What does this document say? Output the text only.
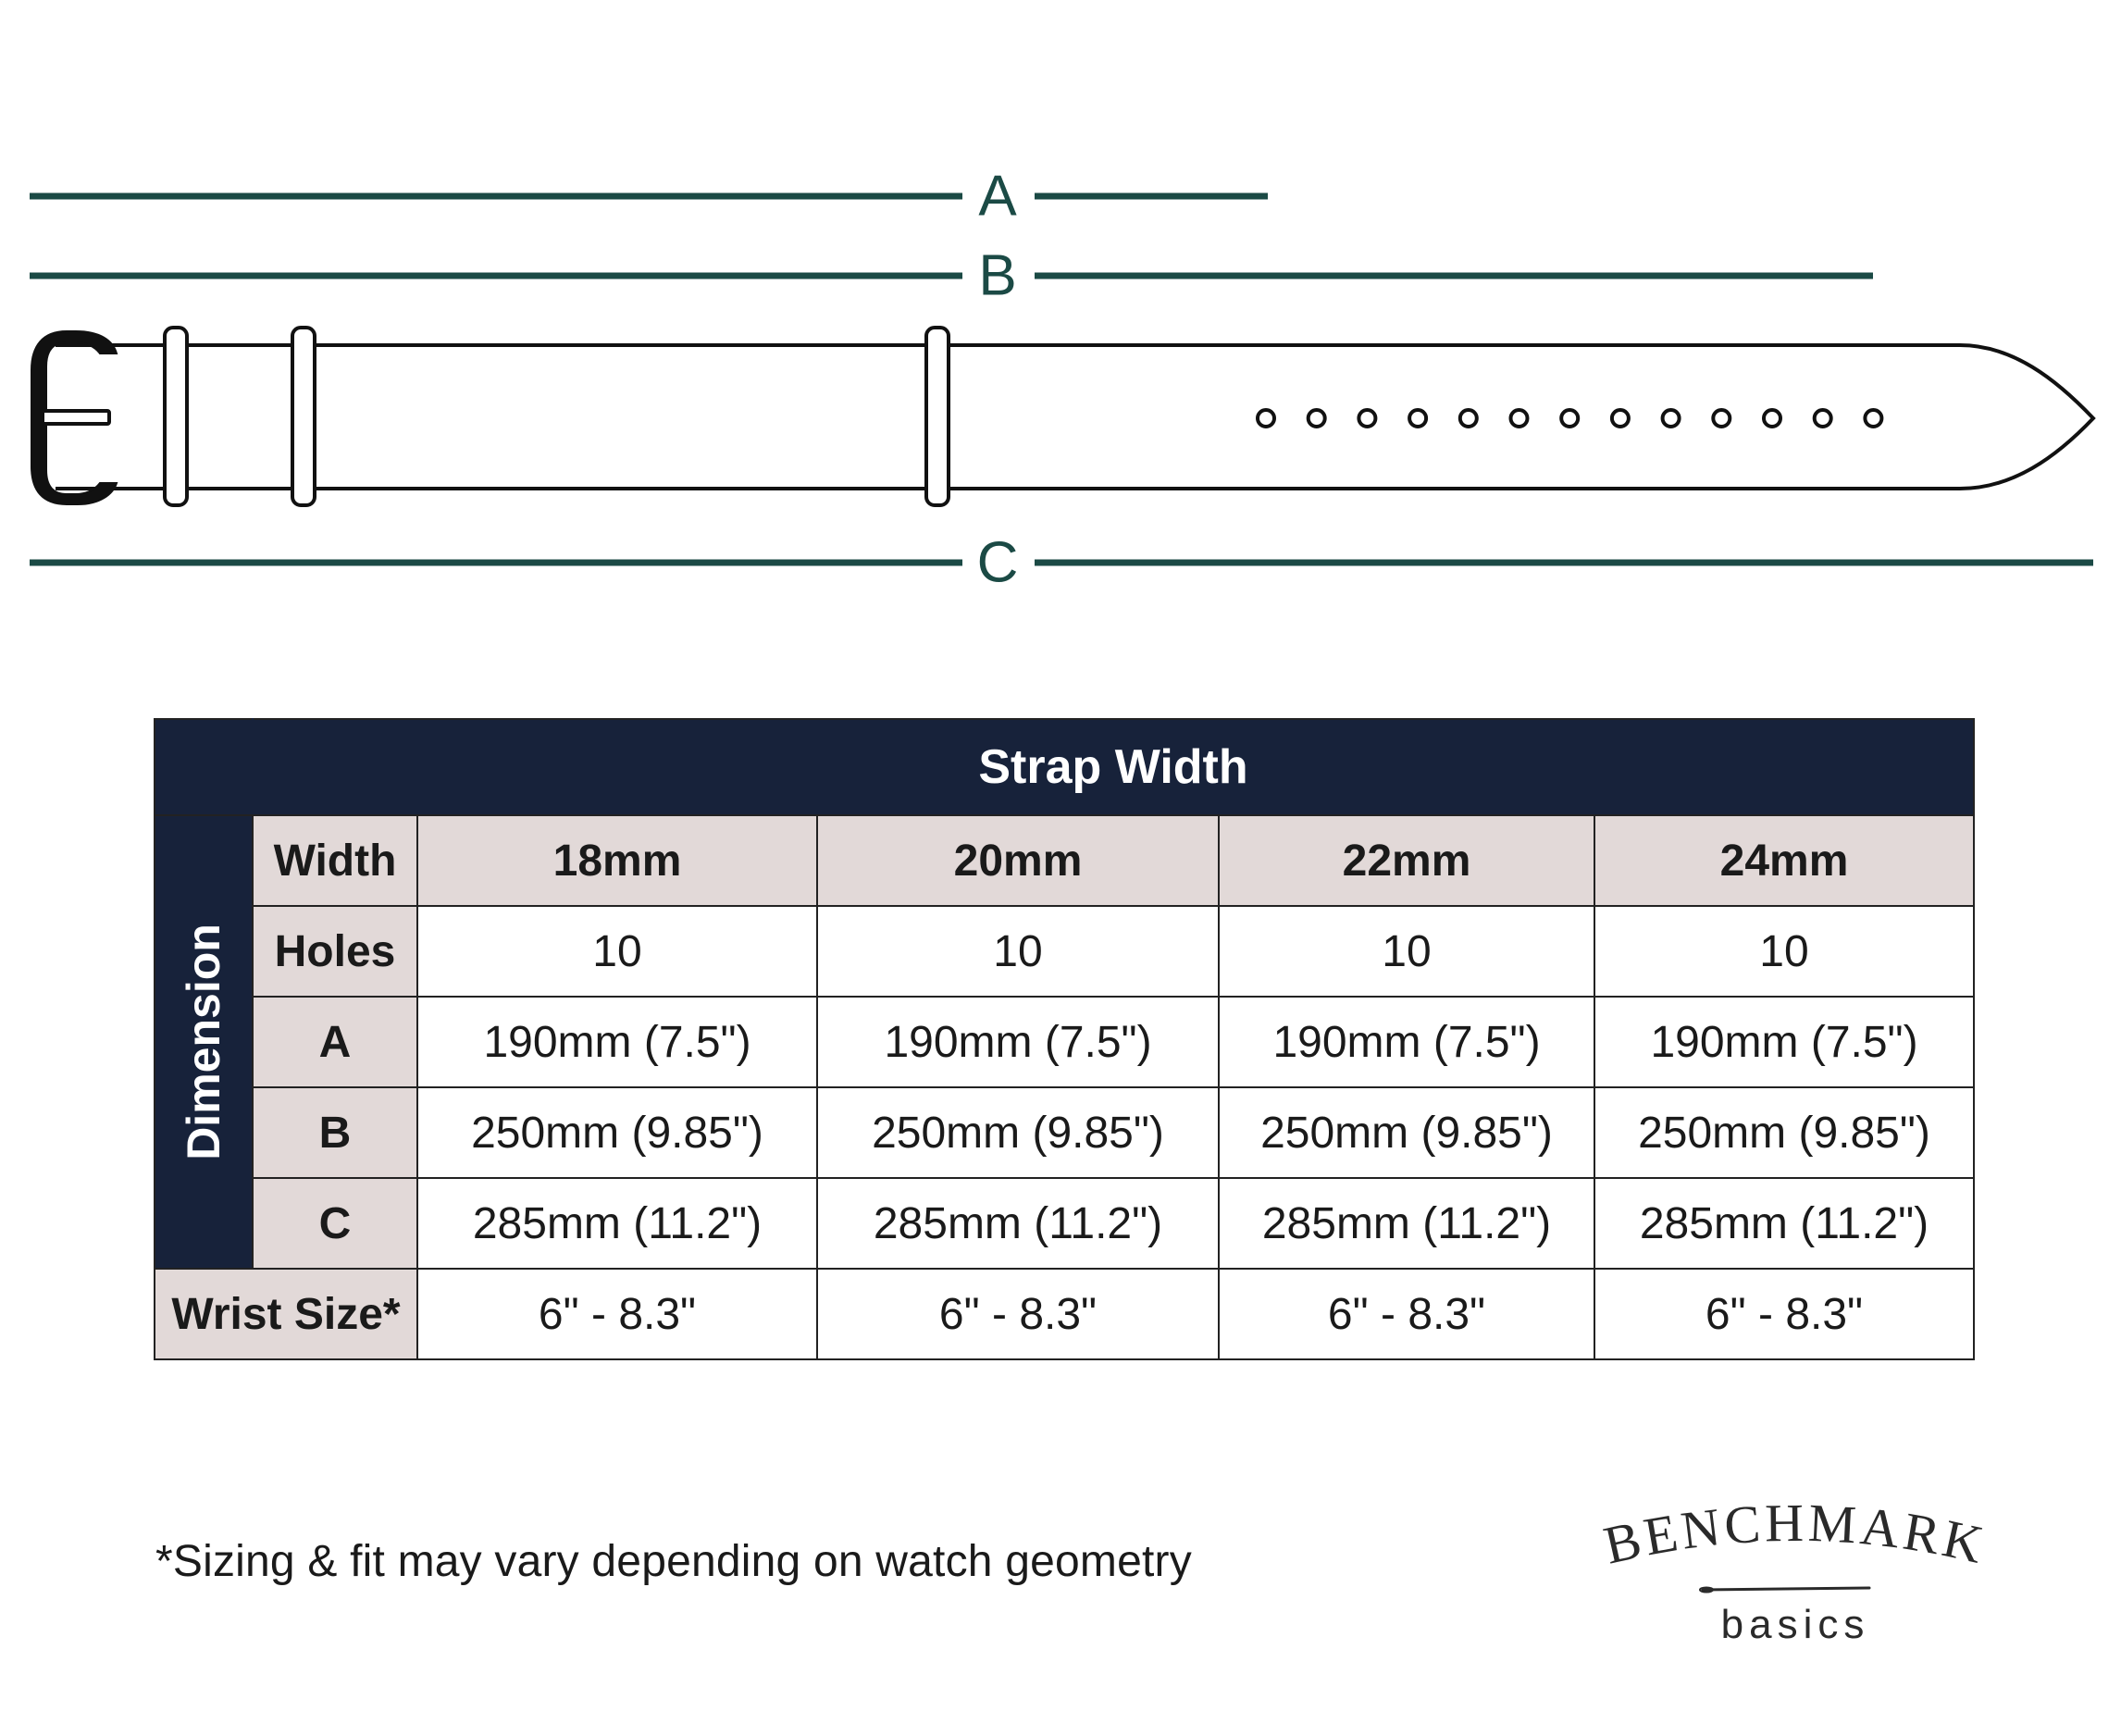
A
B
C
	Strap Width				

Dimension	Width	18mm	20mm	22mm	24mm
	Holes	10	10	10	10
	A	190mm (7.5")	190mm (7.5")	190mm (7.5")	190mm (7.5")
	B	250mm (9.85")	250mm (9.85")	250mm (9.85")	250mm (9.85")
	C	285mm (11.2")	285mm (11.2")	285mm (11.2")	285mm (11.2")
Wrist Size*		6" - 8.3"	6" - 8.3"	6" - 8.3"	6" - 8.3"
*Sizing & fit may vary depending on watch geometry	BENCHMARK
basics
